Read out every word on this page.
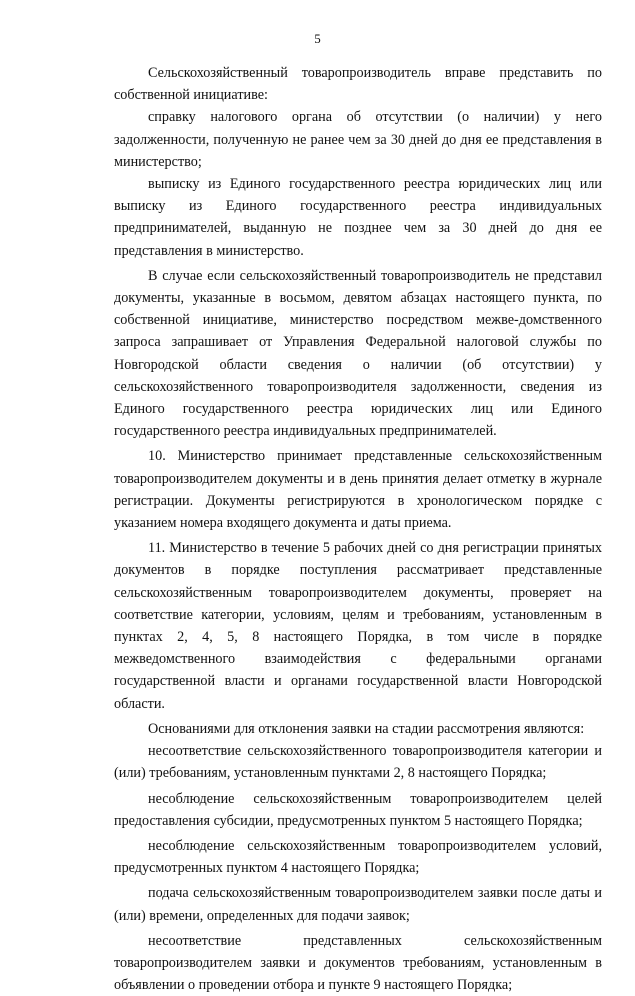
5

Сельскохозяйственный товаропроизводитель вправе представить по собственной инициативе:

справку налогового органа об отсутствии (о наличии) у него задолженности, полученную не ранее чем за 30 дней до дня ее представления в министерство;

выписку из Единого государственного реестра юридических лиц или выписку из Единого государственного реестра индивидуальных предпринимателей, выданную не позднее чем за 30 дней до дня ее представления в министерство.

В случае если сельскохозяйственный товаропроизводитель не представил документы, указанные в восьмом, девятом абзацах настоящего пункта, по собственной инициативе, министерство посредством межве-домственного запроса запрашивает от Управления Федеральной налоговой службы по Новгородской области сведения о наличии (об отсутствии) у сельскохозяйственного товаропроизводителя задолженности, сведения из Единого государственного реестра юридических лиц или Единого государственного реестра индивидуальных предпринимателей.

10. Министерство принимает представленные сельскохозяйственным товаропроизводителем документы и в день принятия делает отметку в журнале регистрации. Документы регистрируются в хронологическом порядке с указанием номера входящего документа и даты приема.

11. Министерство в течение 5 рабочих дней со дня регистрации принятых документов в порядке поступления рассматривает представленные сельскохозяйственным товаропроизводителем документы, проверяет на соответствие категории, условиям, целям и требованиям, установленным в пунктах 2, 4, 5, 8 настоящего Порядка, в том числе в порядке межведомственного взаимодействия с федеральными органами государственной власти и органами государственной власти Новгородской области.

Основаниями для отклонения заявки на стадии рассмотрения являются:

несоответствие сельскохозяйственного товаропроизводителя категории и (или) требованиям, установленным пунктами 2, 8 настоящего Порядка;

несоблюдение сельскохозяйственным товаропроизводителем целей предоставления субсидии, предусмотренных пунктом 5 настоящего Порядка;

несоблюдение сельскохозяйственным товаропроизводителем условий, предусмотренных пунктом 4 настоящего Порядка;

подача сельскохозяйственным товаропроизводителем заявки после даты и (или) времени, определенных для подачи заявок;

несоответствие представленных сельскохозяйственным товаропроизводителем заявки и документов требованиям, установленным в объявлении о проведении отбора и пункте 9 настоящего Порядка;
